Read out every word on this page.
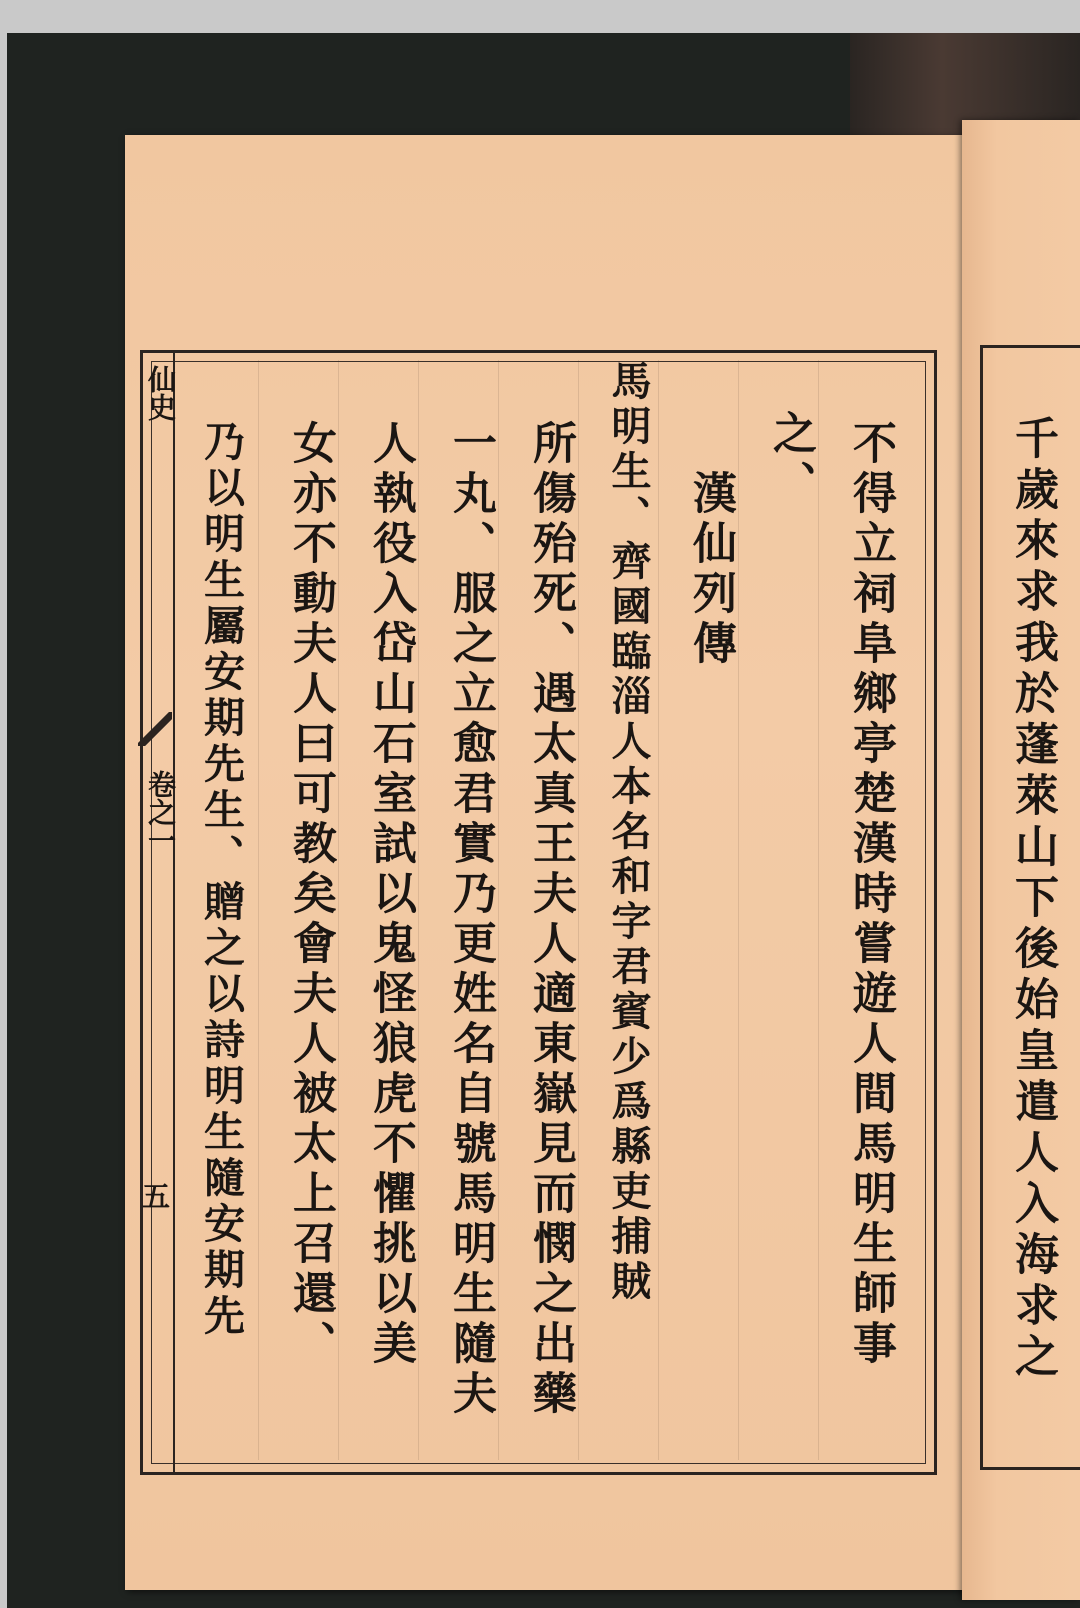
仙史
卷之一
五	不得立祠阜鄉亭楚漢時嘗遊人間馬明生師事
之、
漢仙列傳
馬明生、齊國臨淄人本名和字君賓少爲縣吏捕賊
所傷殆死、遇太真王夫人適東嶽見而憫之出藥
一丸、服之立愈君實乃更姓名自號馬明生隨夫
人執役入岱山石室試以鬼怪狼虎不懼挑以美
女亦不動夫人曰可教矣會夫人被太上召還、
乃以明生屬安期先生、贈之以詩明生隨安期先	千歲來求我於蓬萊山下後始皇遣人入海求之
